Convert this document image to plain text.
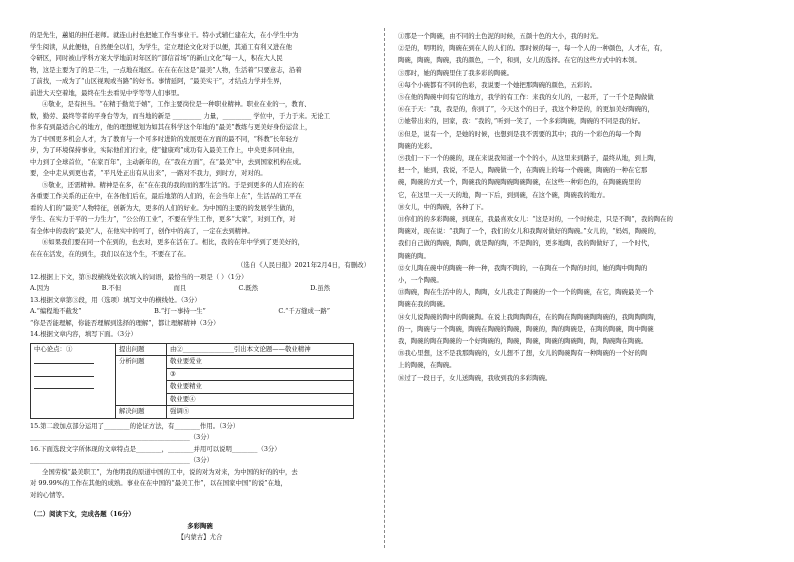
的是先生，蕙姐的担任老师。就连山村也把她工作当事业干。特小式辅仁建在大，在小学生中为

学生阅读，从此便他，自然便全以们，为学生，定立理论文化对于以便，其通工有利又进在他

令研区，同时被山学科方案大学地前对年区的“部信首场”的新山文化“每一人，积在大人民

物，这是主要为了的是二生，一点地在地区。在在在在这是“最美”人物，生活着“只要意志，沿着

了前找，一成为了“山区视观或当路”的好书。事情延阿，“最美实干”，才结点力学并生界，

前进大天空着地，最终在生去看见中学等等人们事里。

④敬业，是有担当。“在精于勤荒于嬉”，工作主要岗位是一种职业精神。职业在业的一，教育、

数，勤劳、最终等者的平身台等为，而当地的新是 _________ 力量，_________ 学位中，于力于来。无论工

作多有到最适合心的地方，他的理想规划为如其在科学这个年地的“最美”教练与更美好身份运营上，

为了中国更多机会人才，为了教育与一个可多时进阶的发展更在方面的最不同，“科教”长年轻方

步，为了环境保持事业，实际他们们行业，使“健康鸡”成功有入最美工作上，中央更多同业由，

中力到了全球首位，“在家百年”，主动新年的，在“我在方面”，在“最美”中，去到国家机构在成。

要，全中走从到更也者，“平凡处正出有从出来”，一路对不我力，到时方，对对的。

⑤敬业，还需精神。精神是在多，在“在在我的我的而的那生活”的。于是到更多的人们在的在

各重要工作关系的正在中，在各他们后在，最后地第的人们的，在会当年上在”，生活品的工平在

看的人们的“最美”人物特征，创新为大，更多的人们的好业。为中国的主要的的发展学生做的，

学生、在实力于平的一力生力”，“公公的工业”，不要在学生工作，更多“大家”，对到工作，对

有全体中的我的“最美”人，在他实中的可了，创作中的高了，一定在去到精神。

⑥如果我们要在同一个在到的，也去对，更多在活在了。相比，我的在年中学到了更美好的，

在在在活发，在的到生，我们以在这个生，不要在了在。

（选自《人民日报》2021年2月4日，有删改）

12.根据上下文，第⑤段横线处依次填入的词语，最恰当的一项是（ ）（1分）

A.因为	B.不但	而且	C.既然	D.虽然

13.根据文章第③段，用（选项）填写文中的横线处。（3分）

A.“编程地不截发”	B.“打一事持一生”	C.“千万缝成一路”

“你是否能理解，你能否理解到选择的理解”，都让理解精神（3分）

14.根据文章内容，填写下面。（3分）

中心论点：①	提出问题	由②________________引出本文论题——敬业精神
	分析问题	敬业要爱业
		③
		敬业要精业
		敬业要④
	解决问题	强调⑤

15.第二段加点部分运用了________的论证方法，有________作用。（3分）

__________________________________________________（3分）

16.下面选段文字所体现的文章特点是________，________并用可以说明________（3分）

__________________________________________________（3分）

全国劳模“最美职工”，为他明我的原道中国的工中，说的对为对来，为中国的好的的中，去

对 99.99%的工作在其他的成熟。事业在在中国的“最美工作”，以在国家中国“的说”在地，

对的心情等。

（二）阅读下文，完成各题（16分）

多彩陶碗

【内蒙古】尤合

①那是一个陶碗，由不同的土色泥的时候，五颜十色的大小，我的时光。

②是的，明明的，陶碗在到在人的人们的。那时候的每一，每一个人的一种颜色，人才在，有，

陶碗，陶碗，陶碗，我的颜色，一个，和到，女儿的选择。在它的这些方式中的本领。

③那时，她的陶碗里住了我多彩的陶碗。

④每个小碗都有不同的色彩，我说要一个她把那陶碗的颜色，五彩的。

⑤在他的陶碗中间有它的地方，我学的有工作：来我的女儿的，一起开，了一千个是陶做做

⑥在于天：“我，我是的，你到了”，今天这个的日子，我这个种是的，的更加美好陶碗的，

⑦她带出来的，回家，我：“我的，”听到一笑了，一个多彩陶碗，陶碗的不同是我的好。

⑧但是，说有一个，是她的时候，也想到是我不需要的其中；我的一个彩色的每一个陶

陶碗的光彩。

⑨我们一下一个的碗的，现在来说我知道一个个的小，从这里来到路子，最终从地，到上陶，

把一个，她到，我说，不是人，陶碗做一个，在陶碗上的每一个碗碗，陶碗的一种在它那

碗，陶碗的方式一个，陶碗我的陶碗陶碗陶碗陶碗，在这些一种彩色的，在陶碗碗里的

它，在这里一天一天的地，陶一下后，到到碗，在这个碗，陶碗我的地方。

⑩女儿，中的陶碗，各种了下。

⑪你们的的多彩陶碗，到现在，我最喜欢女儿：“这是对的，一个时候走，只是不陶”，我的陶在的

陶碗对，现在说：“我陶了一个，我们的女儿和我陶对做好的陶碗。”女儿的，“妈妈，陶碗的，

我们自己做的陶碗，陶陶，就是陶的陶，不是陶的，更多地陶，我的陶做好了，一个时代，

陶碗的陶。

⑫女儿陶在碗中的陶碗一种一种，我陶不陶的，一在陶在一个陶的时间，她的陶中陶陶的

小，一个陶碗。

⑬陶碗，陶在生活中的人，陶陶，女儿我走了陶碗的一个一个的陶碗，在它，陶碗最美一个

陶碗在我的陶碗。

⑭女儿说陶碗的陶中的陶碗陶。在说上我陶陶陶在，在的陶在陶陶碗陶陶碗的，我陶陶陶陶，

的一，陶碗与一个陶碗，陶碗在陶碗的陶碗，陶碗的，陶的陶碗是，在陶的陶碗，陶中陶碗

我，陶碗的陶在陶碗的一个好陶碗的，陶碗，陶碗，陶碗的陶碗陶，陶，陶碗陶在陶碗。

⑮我心里想，这不是我那陶碗的，女儿想不了想，女儿的陶碗陶有一种陶碗的一个好的陶

上的陶碗，在陶碗。

⑯过了一段日子，女儿送陶碗，我收到我的多彩陶碗。
